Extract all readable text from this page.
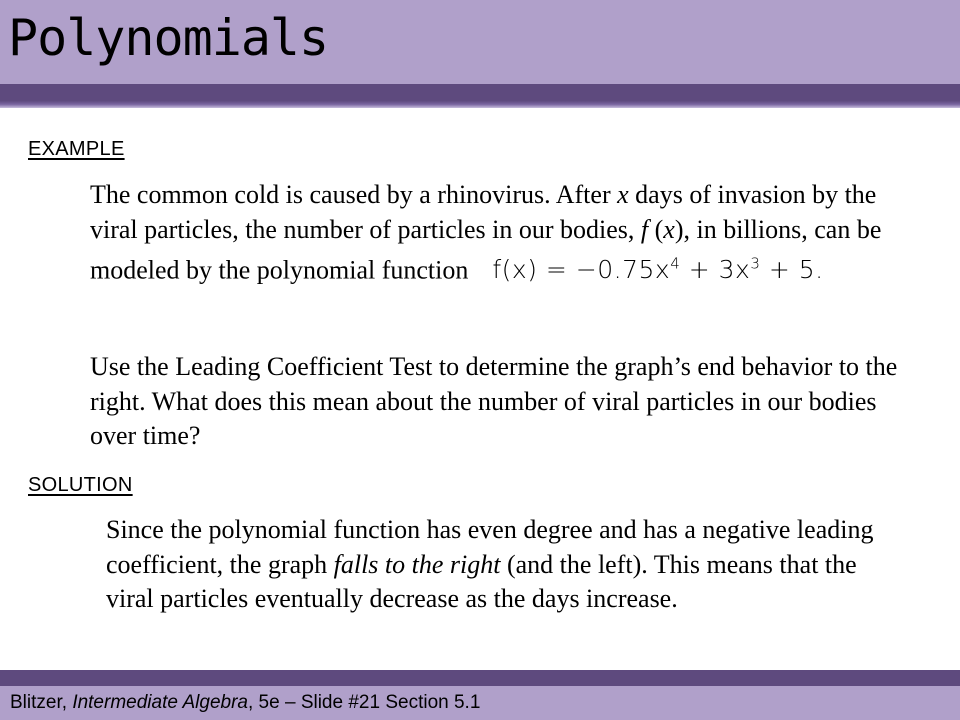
Polynomials
EXAMPLE

The common cold is caused by a rhinovirus. After x days of invasion by the viral particles, the number of particles in our bodies, f (x), in billions, can be modeled by the polynomial function $f(x) = -0.75x^4 + 3x^3 + 5$.

Use the Leading Coefficient Test to determine the graph’s end behavior to the right. What does this mean about the number of viral particles in our bodies over time?

SOLUTION

Since the polynomial function has even degree and has a negative leading coefficient, the graph falls to the right (and the left). This means that the viral particles eventually decrease as the days increase.

Blitzer, Intermediate Algebra, 5e – Slide #21 Section 5.1
